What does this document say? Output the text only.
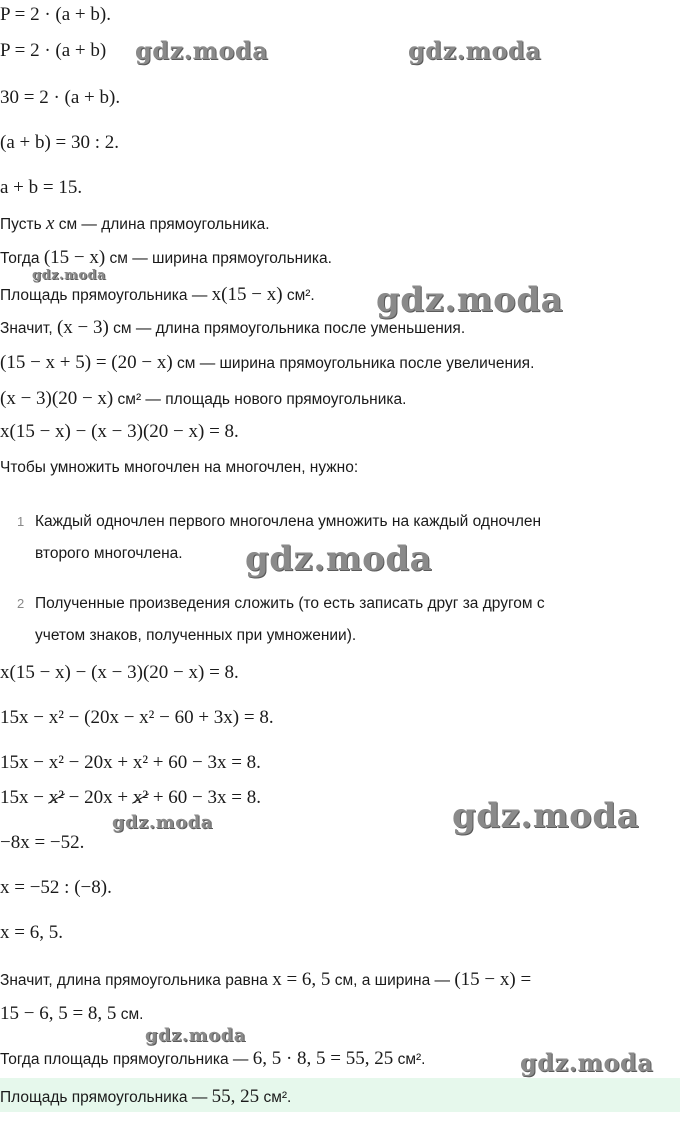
P = 2 · (a + b).
P = 2 · (a + b)
30 = 2 · (a + b).
(a + b) = 30 : 2.
a + b = 15.
Пусть x см — длина прямоугольника.
Тогда (15 − x) см — ширина прямоугольника.
Площадь прямоугольника — x(15 − x) см².
Значит, (x − 3) см — длина прямоугольника после уменьшения.
(15 − x + 5) = (20 − x) см — ширина прямоугольника после увеличения.
(x − 3)(20 − x) см² — площадь нового прямоугольника.
x(15 − x) − (x − 3)(20 − x) = 8.
Чтобы умножить многочлен на многочлен, нужно:
1 Каждый одночлен первого многочлена умножить на каждый одночлен
второго многочлена.
2 Полученные произведения сложить (то есть записать друг за другом с
учетом знаков, полученных при умножении).
x(15 − x) − (x − 3)(20 − x) = 8.
15x − x² − (20x − x² − 60 + 3x) = 8.
15x − x² − 20x + x² + 60 − 3x = 8.
15x − x² − 20x + x² + 60 − 3x = 8.
−8x = −52.
x = −52 : (−8).
x = 6, 5.
Значит, длина прямоугольника равна x = 6, 5 см, а ширина — (15 − x) =
15 − 6, 5 = 8, 5 см.
Тогда площадь прямоугольника — 6, 5 · 8, 5 = 55, 25 см².
Площадь прямоугольника — 55, 25 см².
gdz.moda	gdz.moda
gdz.moda
gdz.moda
gdz.moda
gdz.moda
gdz.moda
gdz.moda
gdz.moda
